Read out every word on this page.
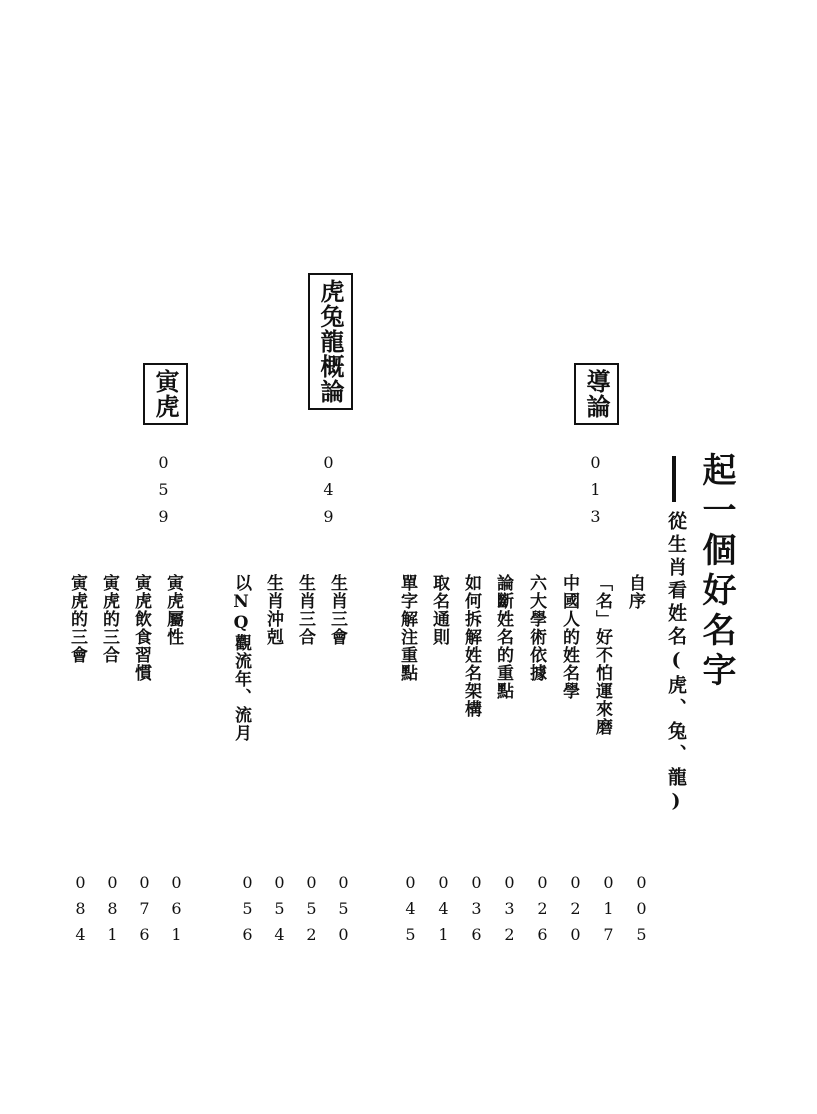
起一個好名字
從生肖看姓名(虎、兔、龍)
導論
013
自序
「名」好不怕運來磨
中國人的姓名學
六大學術依據
論斷姓名的重點
如何拆解姓名架構
取名通則
單字解注重點
虎兔龍概論
049
生肖三會
生肖三合
生肖沖剋
以NQ觀流年、流月
寅虎
059
寅虎屬性
寅虎飲食習慣
寅虎的三合
寅虎的三會
005
017
020
026
032
036
041
045
050
052
054
056
061
076
081
084
